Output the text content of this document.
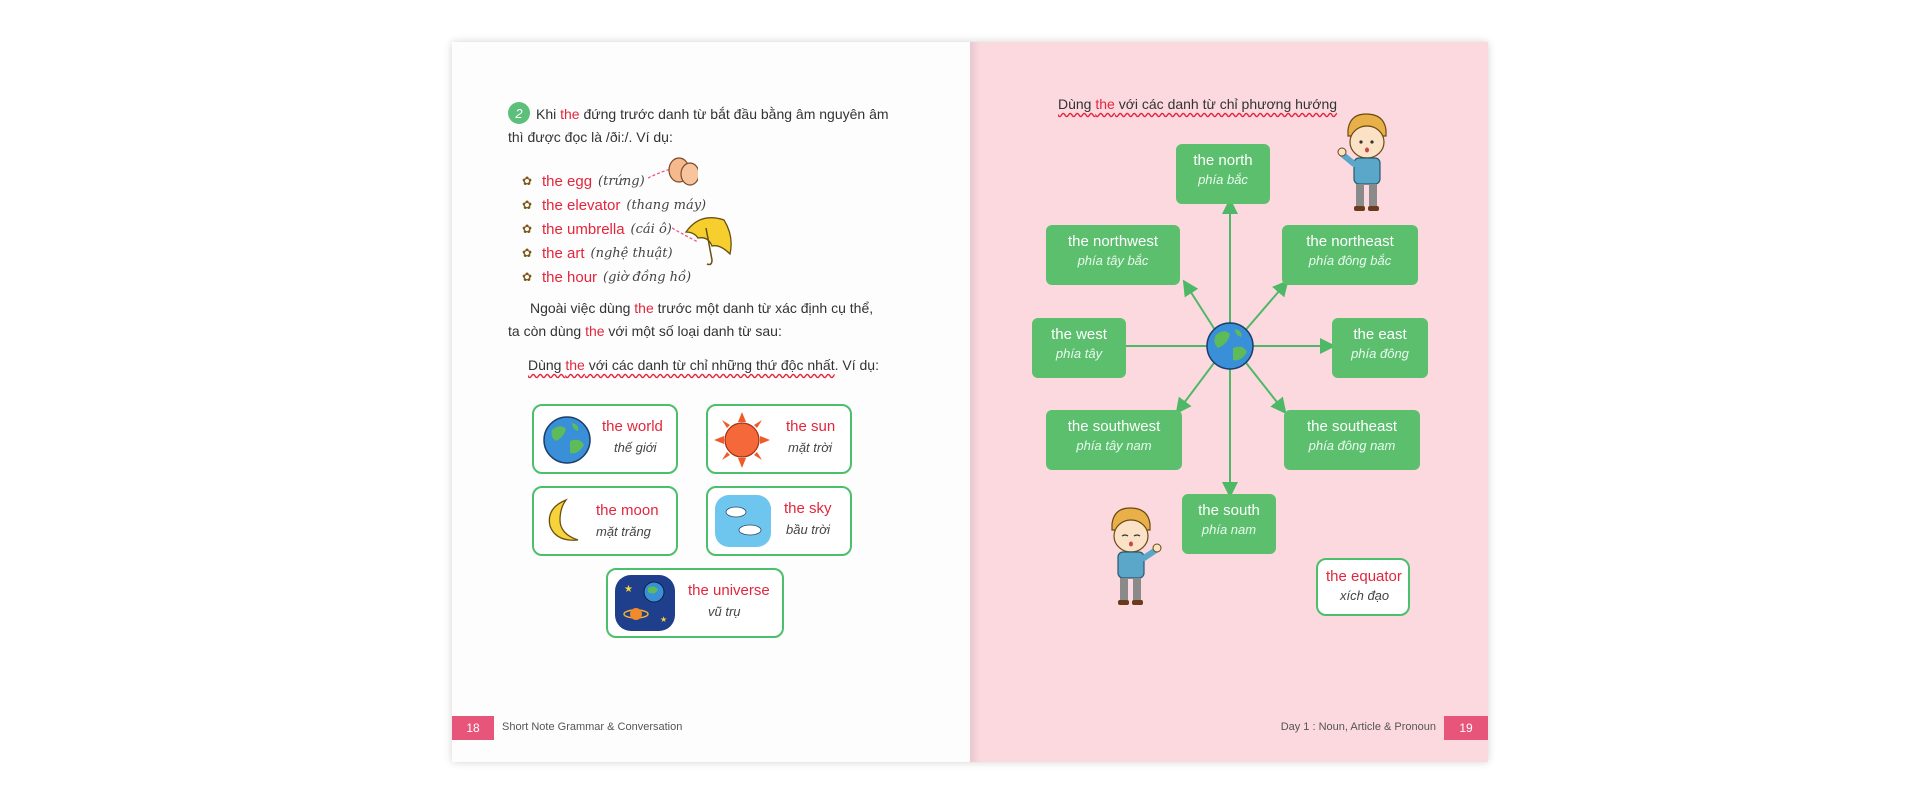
2 Khi the đứng trước danh từ bắt đầu bằng âm nguyên âm
thì được đọc là /ði:/. Ví dụ:
✿ the egg (trứng)
✿ the elevator (thang máy)
✿ the umbrella (cái ô)
✿ the art (nghệ thuật)
✿ the hour (giờ đồng hồ)
Ngoài việc dùng the trước một danh từ xác định cụ thể,
ta còn dùng the với một số loại danh từ sau:
Dùng the với các danh từ chỉ những thứ độc nhất. Ví dụ:
the world
thế giới
the sun
mặt trời
the moon
mặt trăng
the sky
bầu trời
★
★
the universe
vũ trụ
18	Short Note Grammar & Conversation
Dùng the với các danh từ chỉ phương hướng
the north
phía bắc
the northwest
phía tây bắc
the northeast
phía đông bắc
the west
phía tây
the east
phía đông
the southwest
phía tây nam
the southeast
phía đông nam
the south
phía nam
the equator
xích đạo
Day 1 : Noun, Article & Pronoun	19
